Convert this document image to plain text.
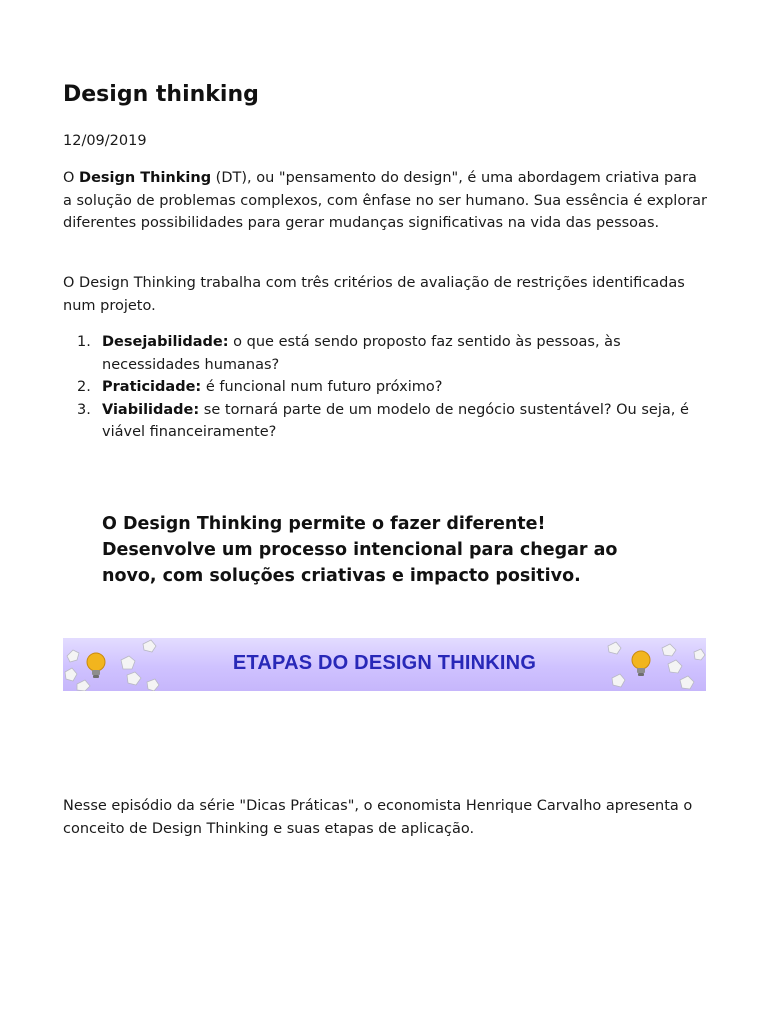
Design thinking
12/09/2019

O Design Thinking (DT), ou "pensamento do design", é uma abordagem criativa para a solução de problemas complexos, com ênfase no ser humano. Sua essência é explorar diferentes possibilidades para gerar mudanças significativas na vida das pessoas.

O Design Thinking trabalha com três critérios de avaliação de restrições identificadas num projeto.

1. Desejabilidade: o que está sendo proposto faz sentido às pessoas, às necessidades humanas?
2. Praticidade: é funcional num futuro próximo?
3. Viabilidade: se tornará parte de um modelo de negócio sustentável? Ou seja, é viável financeiramente?

O Design Thinking permite o fazer diferente! Desenvolve um processo intencional para chegar ao novo, com soluções criativas e impacto positivo.

ETAPAS DO DESIGN THINKING

Nesse episódio da série "Dicas Práticas", o economista Henrique Carvalho apresenta o conceito de Design Thinking e suas etapas de aplicação.
